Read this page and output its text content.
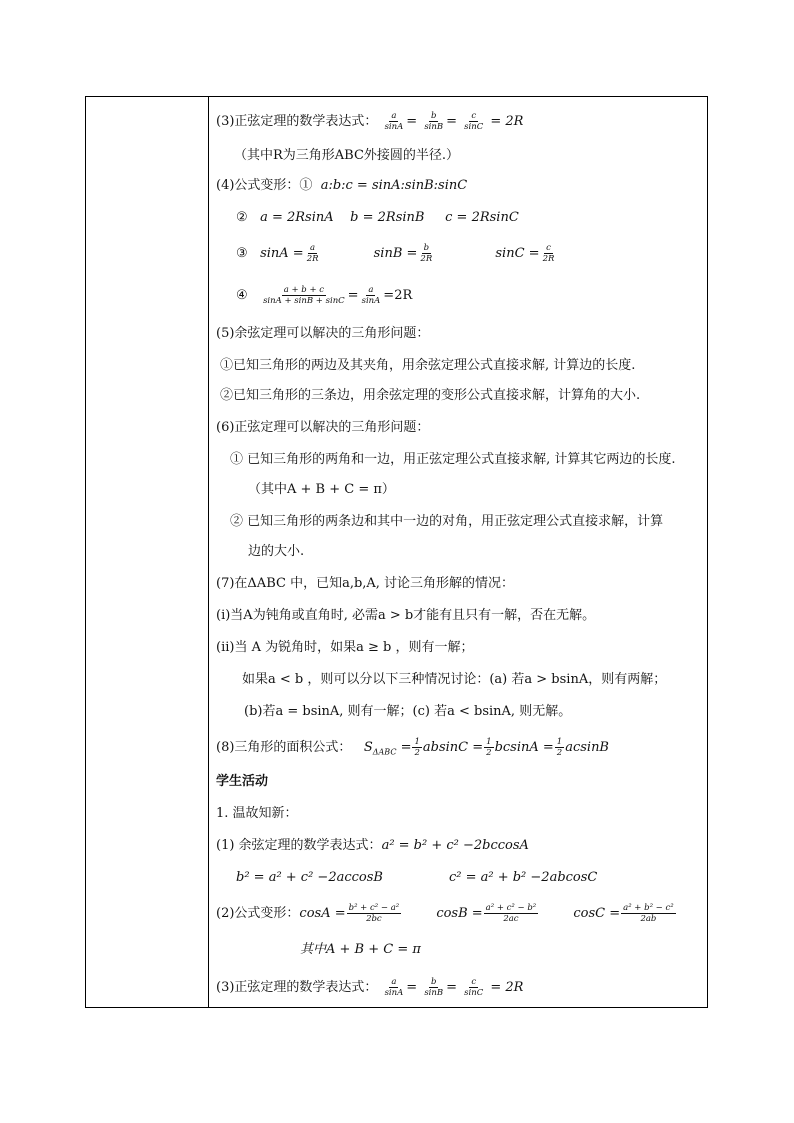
(3)正弦定理的数学表达式： $\frac{a}{\sin A} = \frac{b}{\sin B} = \frac{c}{\sin C} = 2R$
（其中R为三角形ABC外接圆的半径.）
(4)公式变形：① a:b:c = sinA:sinB:sinC
② a = 2RsinA b = 2RsinB c = 2RsinC
③ $\sin A = \frac{a}{2R}$	$\sin B = \frac{b}{2R}$	$\sin C = \frac{c}{2R}$
④ $\frac{a + b + c}{\sin A + \sin B + \sin C} = \frac{a}{\sin A} =2R$
(5)余弦定理可以解决的三角形问题：
①已知三角形的两边及其夹角，用余弦定理公式直接求解, 计算边的长度.
②已知三角形的三条边，用余弦定理的变形公式直接求解，计算角的大小.
(6)正弦定理可以解决的三角形问题：
① 已知三角形的两角和一边，用正弦定理公式直接求解, 计算其它两边的长度.
（其中A + B + C = π）
② 已知三角形的两条边和其中一边的对角，用正弦定理公式直接求解，计算
边的大小.
(7)在ΔABC 中，已知a,b,A, 讨论三角形解的情况：
(i)当A为钝角或直角时, 必需a > b才能有且只有一解，否在无解。
(ii)当 A 为锐角时，如果a ≥ b ，则有一解；
如果a < b ，则可以分以下三种情况讨论：(a) 若a > bsinA，则有两解；
(b)若a = bsinA, 则有一解；(c) 若a < bsinA, 则无解。
(8)三角形的面积公式： $S_{\Delta ABC} = \frac{1}{2}$ $absinC = \frac{1}{2}$ $bcsinA = \frac{1}{2}$ acsinB
学生活动
1. 温故知新：
(1) 余弦定理的数学表达式：a² = b² + c² −2bccosA
b² = a² + c² −2accosB	c² = a² + b² −2abcosC
(2)公式变形：$\cos A = \frac{\text{b² + c² − a²}}{2bc}$	$\cos B = \frac{\text{a² + c² − b²}}{2ac}$	$\cos C = \frac{\text{a² + b² − c²}}{2ab}$
其中A + B + C = π
(3)正弦定理的数学表达式： $\frac{a}{\sin A} = \frac{b}{\sin B} = \frac{c}{\sin C} = 2R$
